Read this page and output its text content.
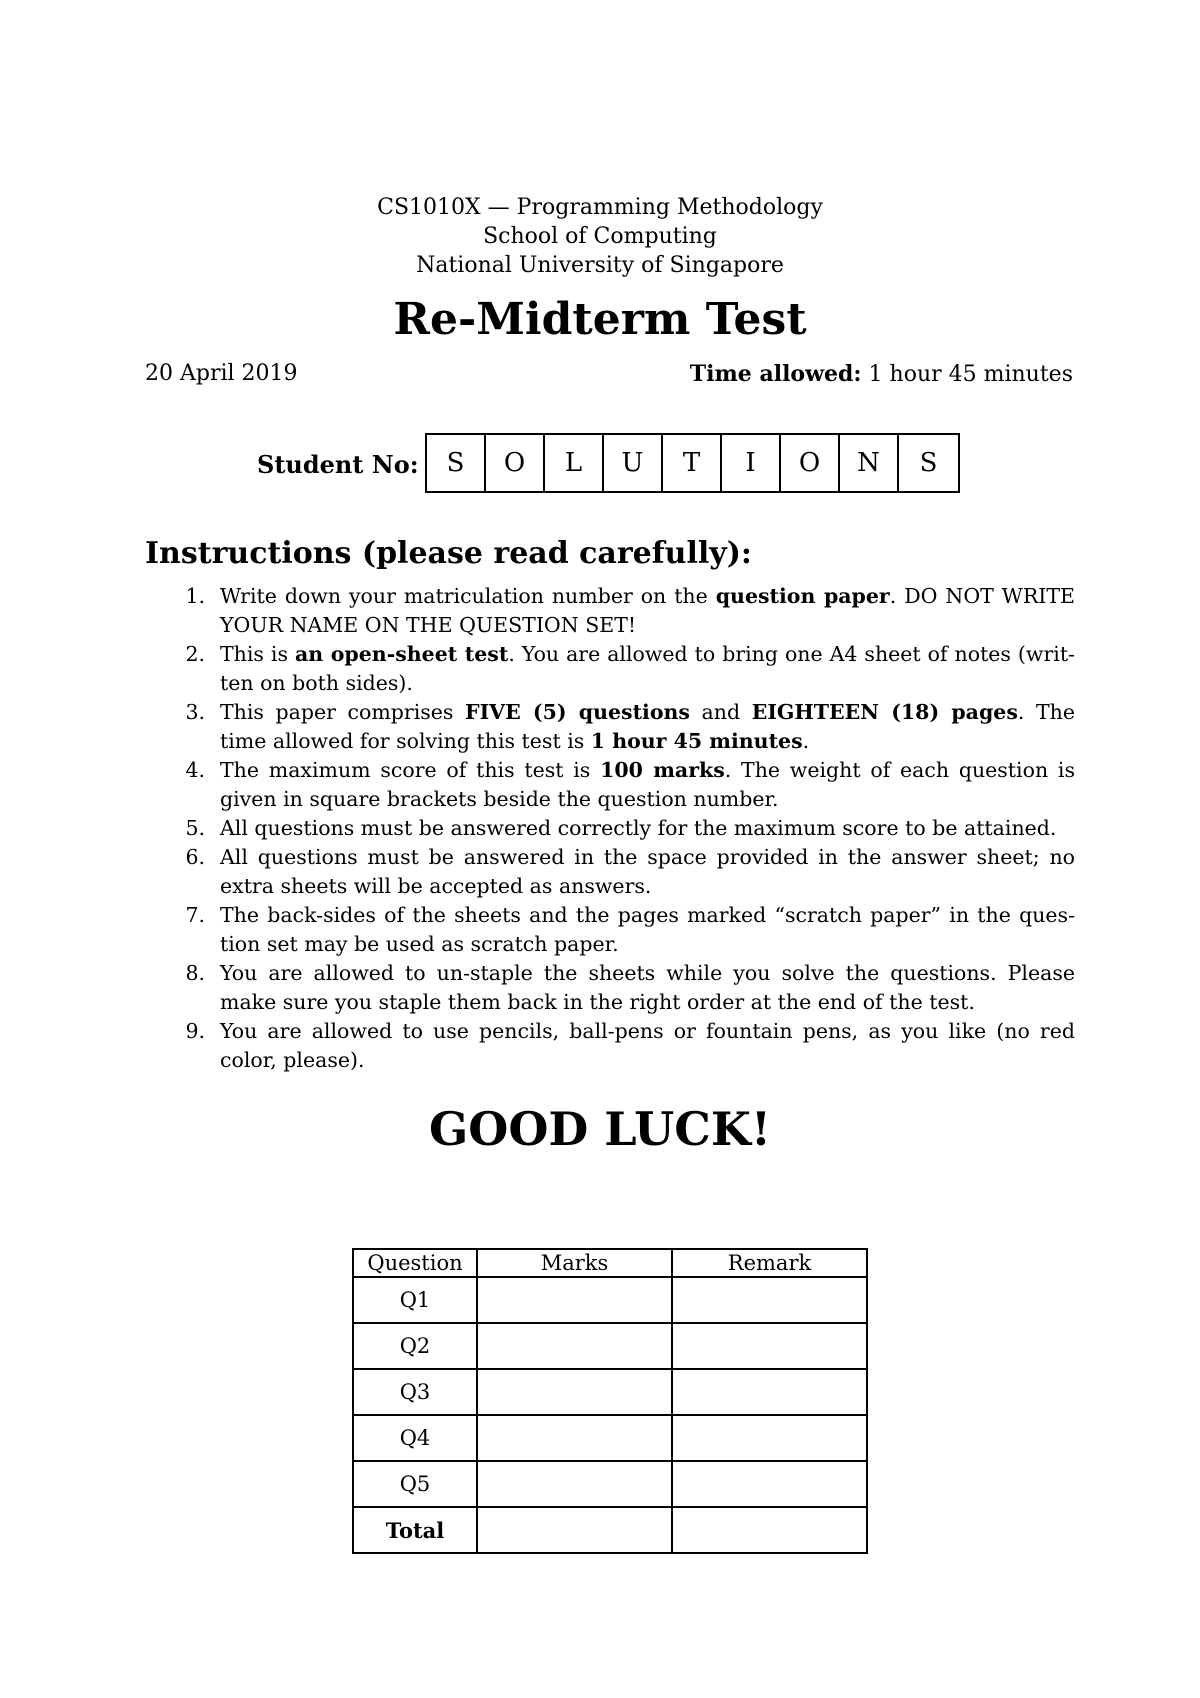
CS1010X — Programming Methodology
School of Computing
National University of Singapore
Re-Midterm Test
20 April 2019	Time allowed: 1 hour 45 minutes
Student No:	S	O	L	U	T	I	O	N	S
Instructions (please read carefully):
1. Write down your matriculation number on the question paper. DO NOT WRITE YOUR NAME ON THE QUESTION SET!
2. This is an open-sheet test. You are allowed to bring one A4 sheet of notes (writ-ten on both sides).
3. This paper comprises FIVE (5) questions and EIGHTEEN (18) pages. The time allowed for solving this test is 1 hour 45 minutes.
4. The maximum score of this test is 100 marks. The weight of each question is given in square brackets beside the question number.
5. All questions must be answered correctly for the maximum score to be attained.
6. All questions must be answered in the space provided in the answer sheet; no extra sheets will be accepted as answers.
7. The back-sides of the sheets and the pages marked “scratch paper” in the ques-tion set may be used as scratch paper.
8. You are allowed to un-staple the sheets while you solve the questions. Please make sure you staple them back in the right order at the end of the test.
9. You are allowed to use pencils, ball-pens or fountain pens, as you like (no red color, please).
GOOD LUCK!
Question	Marks	Remark
Q1		
Q2		
Q3		
Q4		
Q5		
Total		
